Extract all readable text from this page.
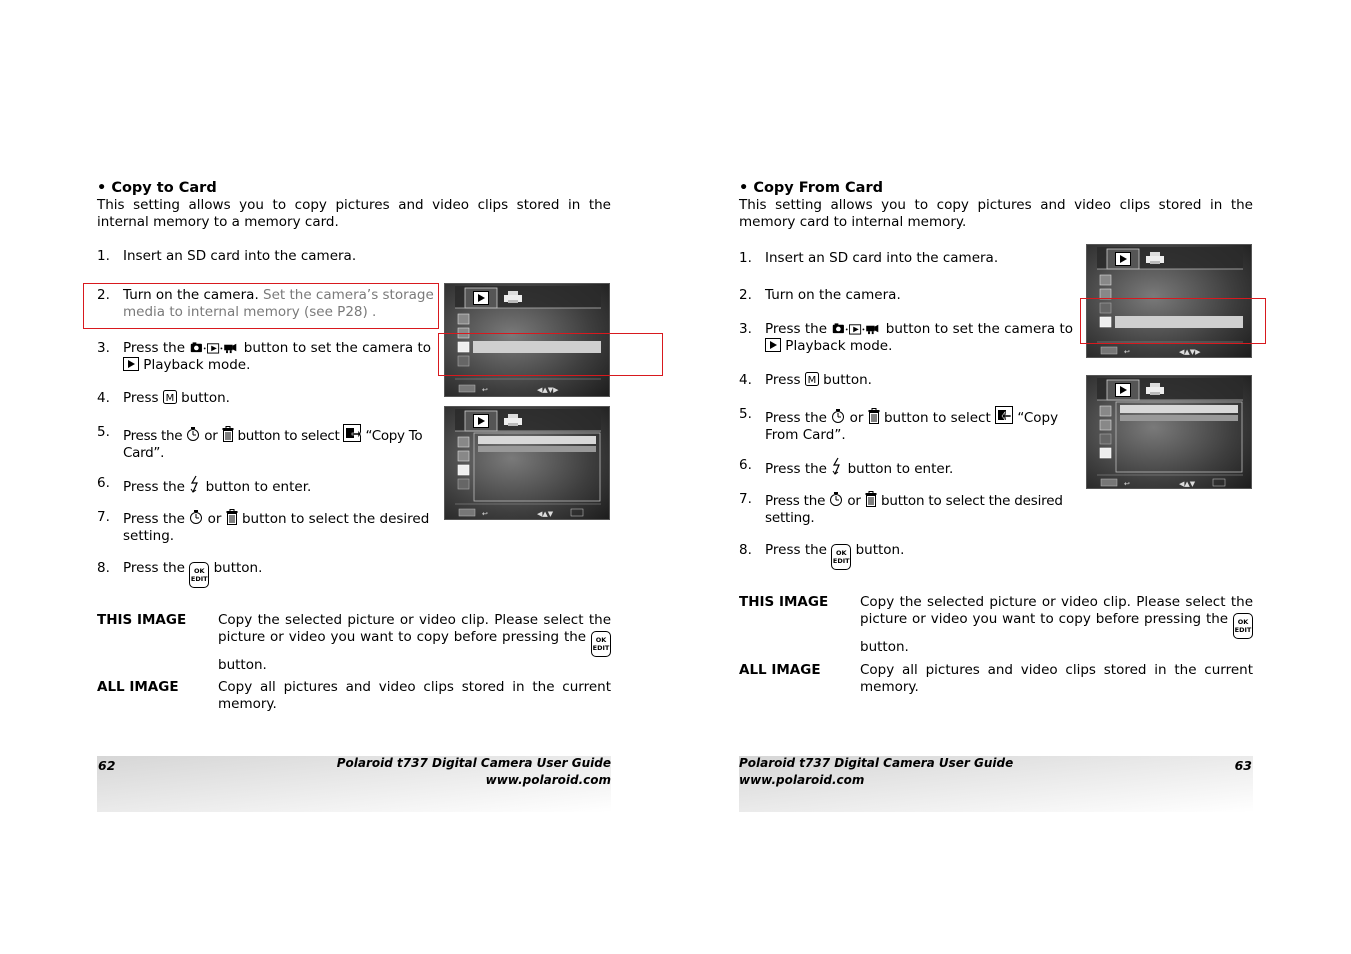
• Copy to Card
This setting allows you to copy pictures and video clips stored in the internal memory to a memory card.
1. Insert an SD card into the camera.
2. Turn on the camera. Set the camera’s storage media to internal memory (see P28) .
3. Press the	button to set the camera to  Playback mode.
4. Press button.
5. Press the or button to select “Copy To Card”.
6. Press the button to enter.
7. Press the or button to select the desired setting.
8. Press the OK
EDIT button.
THIS IMAGE Copy the selected picture or video clip. Please select the picture or video you want to copy before pressing the OK
EDIT button.
ALL IMAGE	Copy all pictures and video clips stored in the current memory.
↩	◀▲▼▶
↩	◀▲▼
• Copy From Card
This setting allows you to copy pictures and video clips stored in the memory card to internal memory.
1. Insert an SD card into the camera.
2. Turn on the camera.
3. Press the	button to set the camera to  Playback mode.
4. Press button.
5. Press the or button to select “Copy From Card”.
6. Press the button to enter.
7. Press the or button to select the desired setting.
8. Press the OK
EDIT button.
THIS IMAGE Copy the selected picture or video clip. Please select the picture or video you want to copy before pressing the OK
EDIT button.
ALL IMAGE	Copy all pictures and video clips stored in the current memory.
↩	◀▲▼▶
↩	◀▲▼
62	Polaroid t737 Digital Camera User Guide
www.polaroid.com
Polaroid t737 Digital Camera User Guide
www.polaroid.com
63
